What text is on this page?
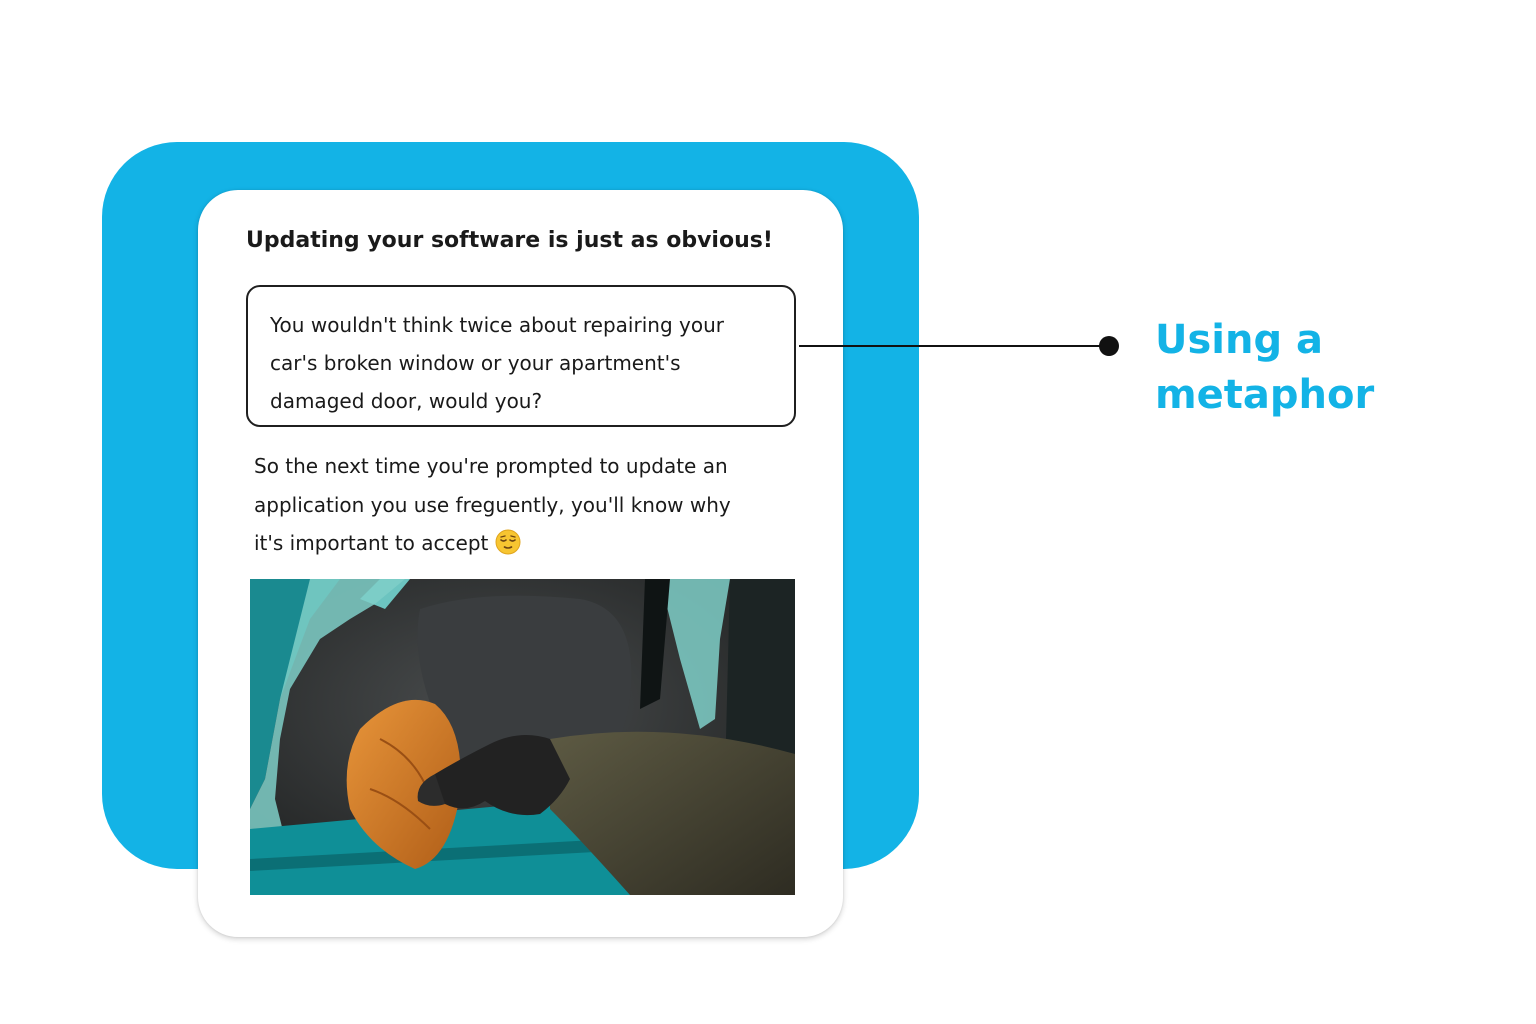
Updating your software is just as obvious!

You wouldn't think twice about repairing your
car's broken window or your apartment's
damaged door, would you?

So the next time you're prompted to update an
application you use freguently, you'll know why
it's important to accept

Using a
metaphor
